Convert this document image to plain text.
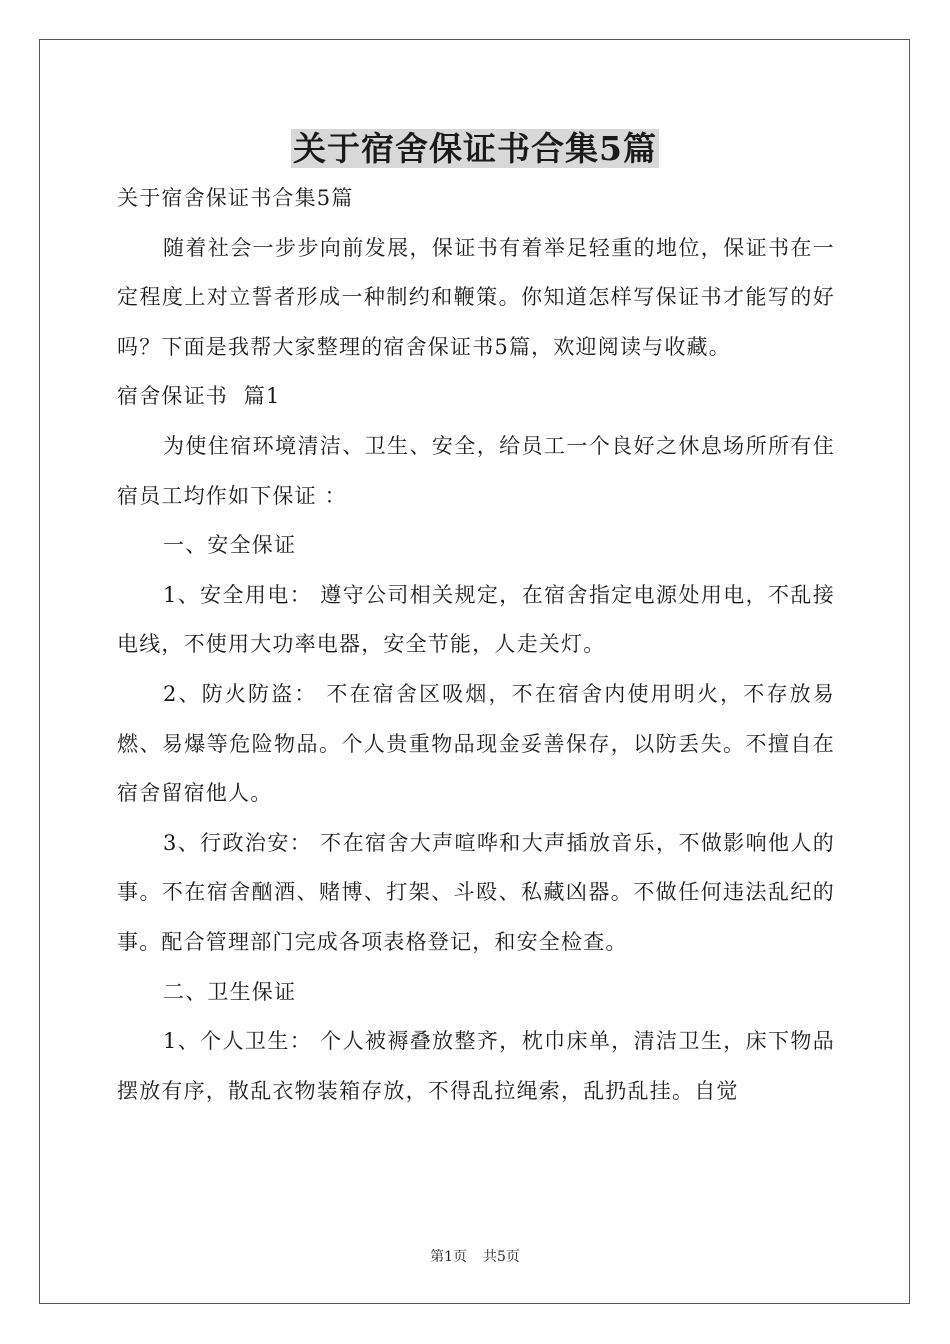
关于宿舍保证书合集5篇

关于宿舍保证书合集5篇

随着社会一步步向前发展，保证书有着举足轻重的地位，保证书在一定程度上对立誓者形成一种制约和鞭策。你知道怎样写保证书才能写的好吗？下面是我帮大家整理的宿舍保证书5篇，欢迎阅读与收藏。

宿舍保证书  篇1

为使住宿环境清洁、卫生、安全，给员工一个良好之休息场所所有住宿员工均作如下保证 ：

一、安全保证

1、安全用电： 遵守公司相关规定，在宿舍指定电源处用电，不乱接电线，不使用大功率电器，安全节能，人走关灯。

2、防火防盗： 不在宿舍区吸烟，不在宿舍内使用明火，不存放易燃、易爆等危险物品。个人贵重物品现金妥善保存，以防丢失。不擅自在宿舍留宿他人。

3、行政治安： 不在宿舍大声喧哗和大声插放音乐，不做影响他人的事。不在宿舍酗酒、赌博、打架、斗殴、私藏凶器。不做任何违法乱纪的事。配合管理部门完成各项表格登记，和安全检查。

二、卫生保证

1、个人卫生： 个人被褥叠放整齐，枕巾床单，清洁卫生，床下物品摆放有序，散乱衣物装箱存放，不得乱拉绳索，乱扔乱挂。自觉

第1页 共5页
